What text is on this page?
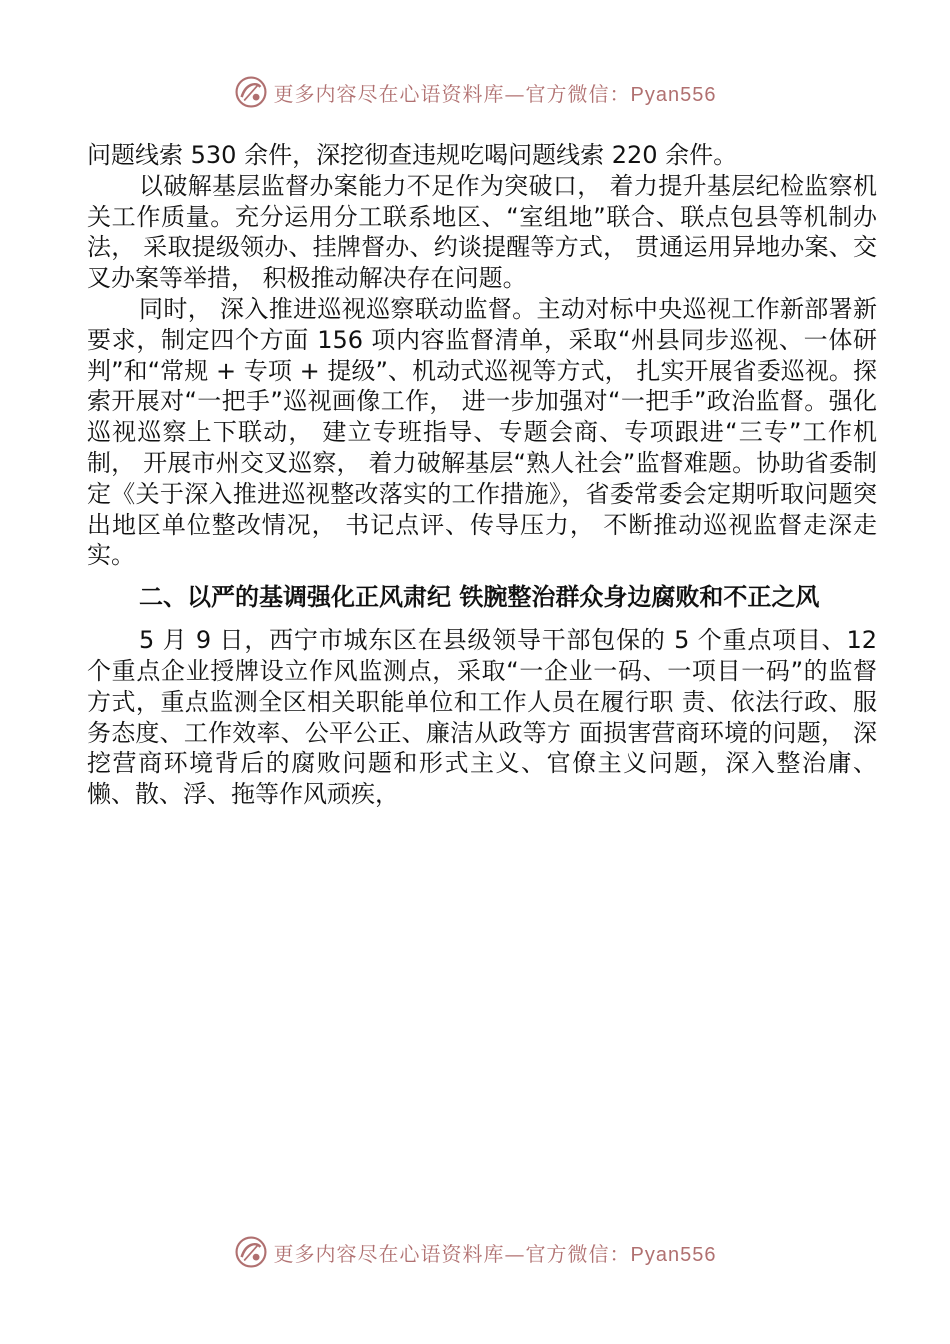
更多内容尽在心语资料库—官方微信：Pyan556

问题线索 530 余件，深挖彻查违规吃喝问题线索 220 余件。

以破解基层监督办案能力不足作为突破口， 着力提升基层纪检监察机关工作质量。充分运用分工联系地区、“室组地”联合、联点包县等机制办法， 采取提级领办、挂牌督办、约谈提醒等方式， 贯通运用异地办案、交叉办案等举措， 积极推动解决存在问题。

同时， 深入推进巡视巡察联动监督。主动对标中央巡视工作新部署新要求，制定四个方面 156 项内容监督清单，采取“州县同步巡视、一体研判”和“常规 + 专项 + 提级”、机动式巡视等方式， 扎实开展省委巡视。探索开展对“一把手”巡视画像工作， 进一步加强对“一把手”政治监督。强化巡视巡察上下联动， 建立专班指导、专题会商、专项跟进“三专”工作机制， 开展市州交叉巡察， 着力破解基层“熟人社会”监督难题。协助省委制定《关于深入推进巡视整改落实的工作措施》，省委常委会定期听取问题突出地区单位整改情况， 书记点评、传导压力， 不断推动巡视监督走深走实。

二、以严的基调强化正风肃纪 铁腕整治群众身边腐败和不正之风

5 月 9 日，西宁市城东区在县级领导干部包保的 5 个重点项目、12 个重点企业授牌设立作风监测点，采取“一企业一码、一项目一码”的监督方式，重点监测全区相关职能单位和工作人员在履行职 责、依法行政、服务态度、工作效率、公平公正、廉洁从政等方 面损害营商环境的问题， 深挖营商环境背后的腐败问题和形式主义、官僚主义问题，深入整治庸、懒、散、浮、拖等作风顽疾，

更多内容尽在心语资料库—官方微信：Pyan556
